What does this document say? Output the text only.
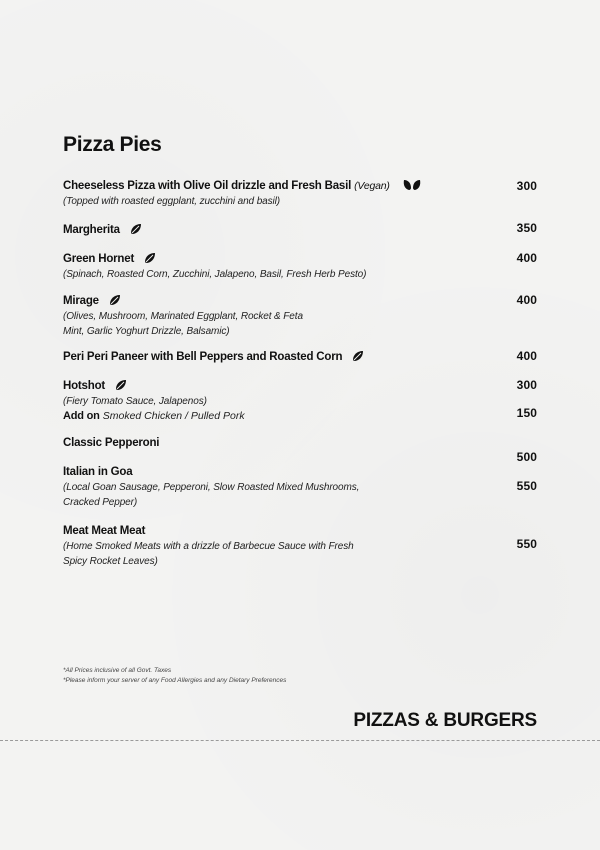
Pizza Pies
Cheeseless Pizza with Olive Oil drizzle and Fresh Basil (Vegan)
(Topped with roasted eggplant, zucchini and basil)
300
Margherita	350
Green Hornet
(Spinach, Roasted Corn, Zucchini, Jalapeno, Basil, Fresh Herb Pesto)
400
Mirage
(Olives, Mushroom, Marinated Eggplant, Rocket & Feta
Mint, Garlic Yoghurt Drizzle, Balsamic)
400
Peri Peri Paneer with Bell Peppers and Roasted Corn	400
Hotshot
(Fiery Tomato Sauce, Jalapenos)
Add on Smoked Chicken / Pulled Pork
300
150
Classic Pepperoni
500
Italian in Goa
(Local Goan Sausage, Pepperoni, Slow Roasted Mixed Mushrooms,
Cracked Pepper)
550
Meat Meat Meat
(Home Smoked Meats with a drizzle of Barbecue Sauce with Fresh
Spicy Rocket Leaves)
550
*All Prices inclusive of all Govt. Taxes
*Please inform your server of any Food Allergies and any Dietary Preferences
PIZZAS & BURGERS
